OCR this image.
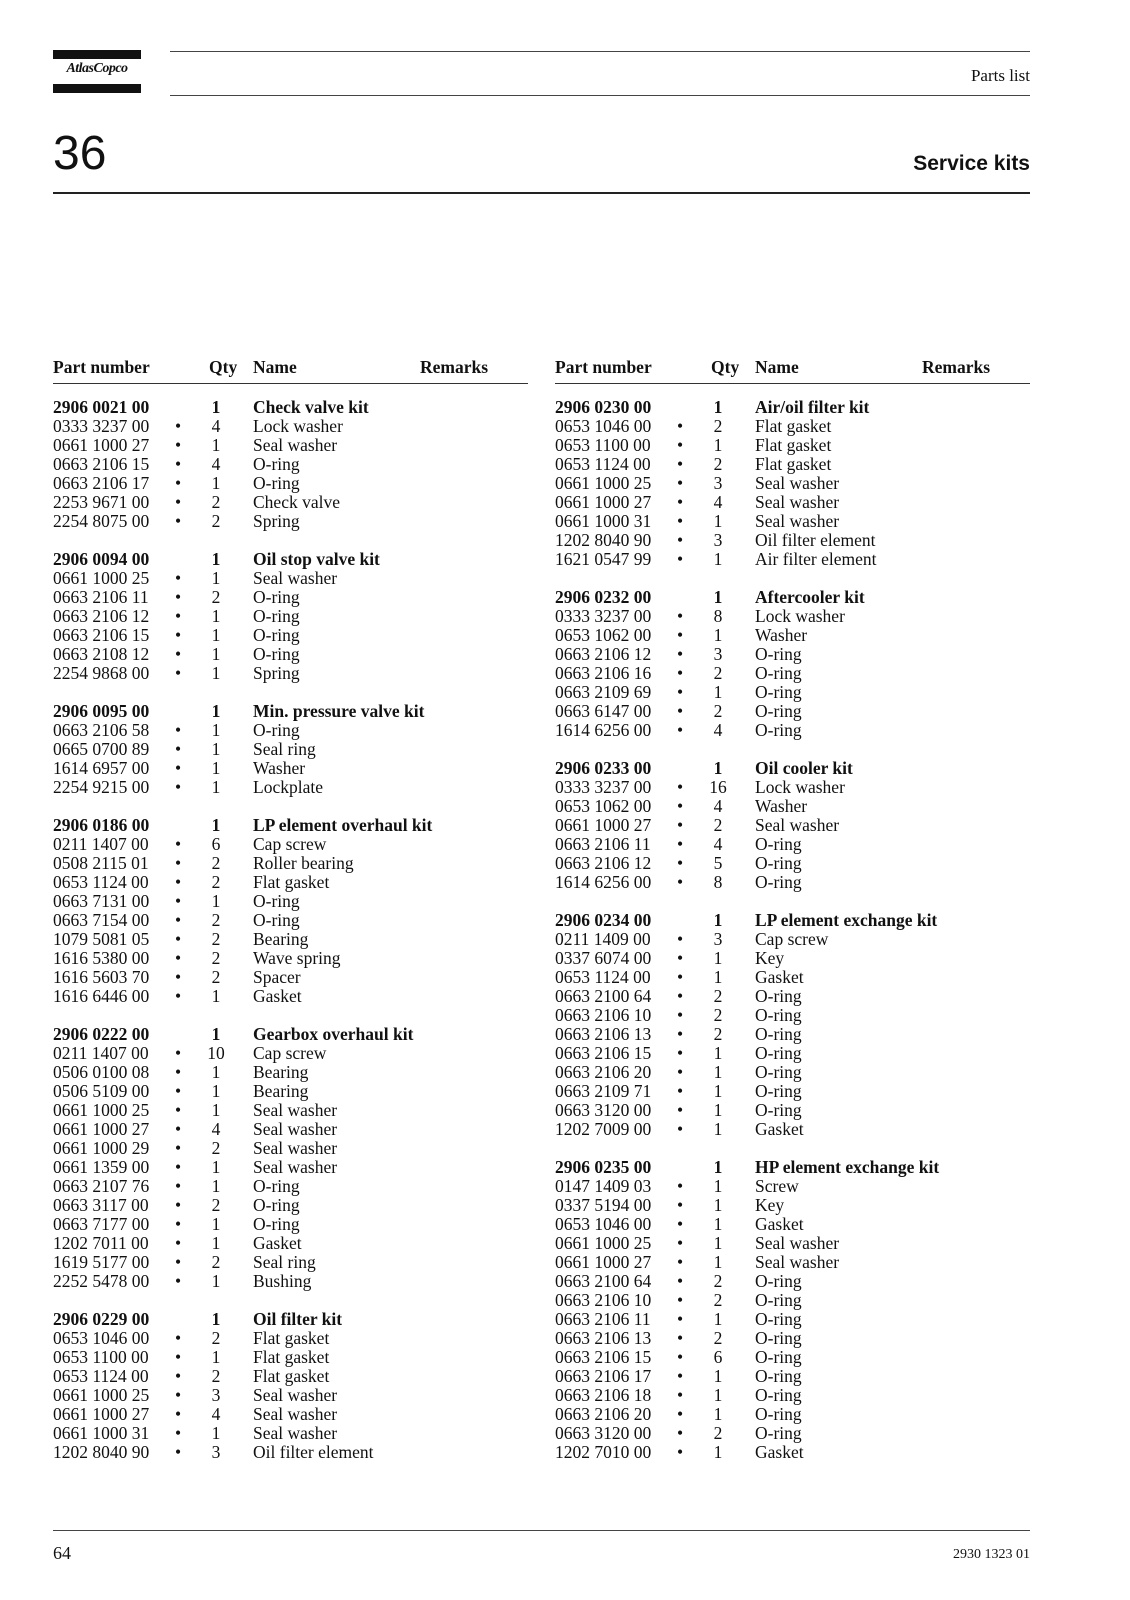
AtlasCopco	Parts list
36	Service kits
Part number	Qty Name	Remarks
2906 0021 00	1	Check valve kit
0333 3237 00 •	4	Lock washer
0661 1000 27 •	1	Seal washer
0663 2106 15 •	4	O-ring
0663 2106 17 •	1	O-ring
2253 9671 00 •	2	Check valve
2254 8075 00 •	2	Spring
2906 0094 00	1	Oil stop valve kit
0661 1000 25 •	1	Seal washer
0663 2106 11 •	2	O-ring
0663 2106 12 •	1	O-ring
0663 2106 15 •	1	O-ring
0663 2108 12 •	1	O-ring
2254 9868 00 •	1	Spring
2906 0095 00	1	Min. pressure valve kit
0663 2106 58 •	1	O-ring
0665 0700 89 •	1	Seal ring
1614 6957 00 •	1	Washer
2254 9215 00 •	1	Lockplate
2906 0186 00	1	LP element overhaul kit
0211 1407 00 •	6	Cap screw
0508 2115 01 •	2	Roller bearing
0653 1124 00 •	2	Flat gasket
0663 7131 00 •	1	O-ring
0663 7154 00 •	2	O-ring
1079 5081 05 •	2	Bearing
1616 5380 00 •	2	Wave spring
1616 5603 70 •	2	Spacer
1616 6446 00 •	1	Gasket
2906 0222 00	1	Gearbox overhaul kit
0211 1407 00 • 10 Cap screw
0506 0100 08 •	1	Bearing
0506 5109 00 •	1	Bearing
0661 1000 25 •	1	Seal washer
0661 1000 27 •	4	Seal washer
0661 1000 29 •	2	Seal washer
0661 1359 00 •	1	Seal washer
0663 2107 76 •	1	O-ring
0663 3117 00 •	2	O-ring
0663 7177 00 •	1	O-ring
1202 7011 00 •	1	Gasket
1619 5177 00 •	2	Seal ring
2252 5478 00 •	1	Bushing
2906 0229 00	1	Oil filter kit
0653 1046 00 •	2	Flat gasket
0653 1100 00 •	1	Flat gasket
0653 1124 00 •	2	Flat gasket
0661 1000 25 •	3	Seal washer
0661 1000 27 •	4	Seal washer
0661 1000 31 •	1	Seal washer
1202 8040 90 •	3	Oil filter element
Part number	Qty Name	Remarks
2906 0230 00	1	Air/oil filter kit
0653 1046 00 •	2	Flat gasket
0653 1100 00 •	1	Flat gasket
0653 1124 00 •	2	Flat gasket
0661 1000 25 •	3	Seal washer
0661 1000 27 •	4	Seal washer
0661 1000 31 •	1	Seal washer
1202 8040 90 •	3	Oil filter element
1621 0547 99 •	1	Air filter element
2906 0232 00	1	Aftercooler kit
0333 3237 00 •	8	Lock washer
0653 1062 00 •	1	Washer
0663 2106 12 •	3	O-ring
0663 2106 16 •	2	O-ring
0663 2109 69 •	1	O-ring
0663 6147 00 •	2	O-ring
1614 6256 00 •	4	O-ring
2906 0233 00	1	Oil cooler kit
0333 3237 00 • 16 Lock washer
0653 1062 00 •	4	Washer
0661 1000 27 •	2	Seal washer
0663 2106 11 •	4	O-ring
0663 2106 12 •	5	O-ring
1614 6256 00 •	8	O-ring
2906 0234 00	1	LP element exchange kit
0211 1409 00 •	3	Cap screw
0337 6074 00 •	1	Key
0653 1124 00 •	1	Gasket
0663 2100 64 •	2	O-ring
0663 2106 10 •	2	O-ring
0663 2106 13 •	2	O-ring
0663 2106 15 •	1	O-ring
0663 2106 20 •	1	O-ring
0663 2109 71 •	1	O-ring
0663 3120 00 •	1	O-ring
1202 7009 00 •	1	Gasket
2906 0235 00	1	HP element exchange kit
0147 1409 03 •	1	Screw
0337 5194 00 •	1	Key
0653 1046 00 •	1	Gasket
0661 1000 25 •	1	Seal washer
0661 1000 27 •	1	Seal washer
0663 2100 64 •	2	O-ring
0663 2106 10 •	2	O-ring
0663 2106 11 •	1	O-ring
0663 2106 13 •	2	O-ring
0663 2106 15 •	6	O-ring
0663 2106 17 •	1	O-ring
0663 2106 18 •	1	O-ring
0663 2106 20 •	1	O-ring
0663 3120 00 •	2	O-ring
1202 7010 00 •	1	Gasket
64	2930 1323 01
